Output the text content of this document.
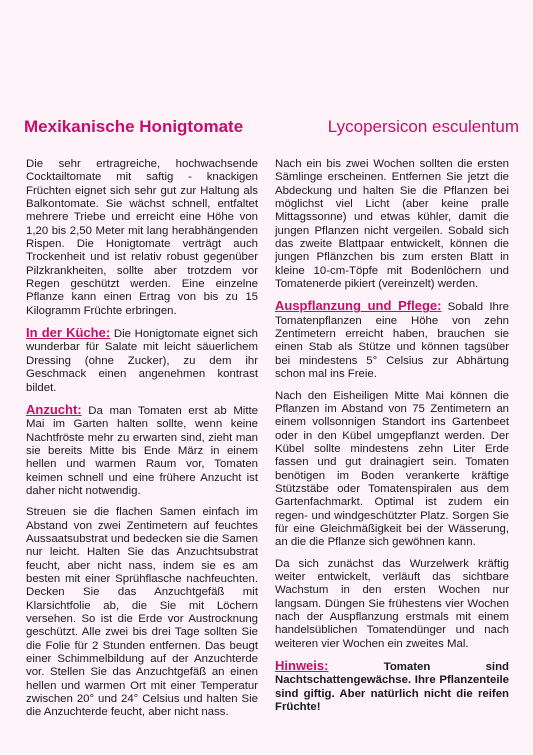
Mexikanische Honigtomate	Lycopersicon esculentum

Die sehr ertragreiche, hochwachsende Cocktailtomate mit saftig - knackigen Früchten eignet sich sehr gut zur Haltung als Balkontomate. Sie wächst schnell, entfaltet mehrere Triebe und erreicht eine Höhe von 1,20 bis 2,50 Meter mit lang herabhängenden Rispen. Die Honigtomate verträgt auch Trockenheit und ist relativ robust gegenüber Pilzkrankheiten, sollte aber trotzdem vor Regen geschützt werden. Eine einzelne Pflanze kann einen Ertrag von bis zu 15 Kilogramm Früchte erbringen.

In der Küche: Die Honigtomate eignet sich wunderbar für Salate mit leicht säuerlichem Dressing (ohne Zucker), zu dem ihr Geschmack einen angenehmen kontrast bildet.

Anzucht: Da man Tomaten erst ab Mitte Mai im Garten halten sollte, wenn keine Nachtfröste mehr zu erwarten sind, zieht man sie bereits Mitte bis Ende März in einem hellen und warmen Raum vor, Tomaten keimen schnell und eine frühere Anzucht ist daher nicht notwendig.

Streuen sie die flachen Samen einfach im Abstand von zwei Zentimetern auf feuchtes Aussaatsubstrat und bedecken sie die Samen nur leicht. Halten Sie das Anzuchtsubstrat feucht, aber nicht nass, indem sie es am besten mit einer Sprühflasche nachfeuchten. Decken Sie das Anzuchtgefäß mit Klarsichtfolie ab, die Sie mit Löchern versehen. So ist die Erde vor Austrocknung geschützt. Alle zwei bis drei Tage sollten Sie die Folie für 2 Stunden entfernen. Das beugt einer Schimmelbildung auf der Anzuchterde vor. Stellen Sie das Anzuchtgefäß an einen hellen und warmen Ort mit einer Temperatur zwischen 20° und 24° Celsius und halten Sie die Anzuchterde feucht, aber nicht nass.

Nach ein bis zwei Wochen sollten die ersten Sämlinge erscheinen. Entfernen Sie jetzt die Abdeckung und halten Sie die Pflanzen bei möglichst viel Licht (aber keine pralle Mittagssonne) und etwas kühler, damit die jungen Pflanzen nicht vergeilen. Sobald sich das zweite Blattpaar entwickelt, können die jungen Pflänzchen bis zum ersten Blatt in kleine 10-cm-Töpfe mit Bodenlöchern und Tomatenerde pikiert (vereinzelt) werden.

Auspflanzung und Pflege: Sobald Ihre Tomatenpflanzen eine Höhe von zehn Zentimetern erreicht haben, brauchen sie einen Stab als Stütze und können tagsüber bei mindestens 5° Celsius zur Abhärtung schon mal ins Freie.

Nach den Eisheiligen Mitte Mai können die Pflanzen im Abstand von 75 Zentimetern an einem vollsonnigen Standort ins Gartenbeet oder in den Kübel umgepflanzt werden. Der Kübel sollte mindestens zehn Liter Erde fassen und gut drainagiert sein. Tomaten benötigen im Boden verankerte kräftige Stützstäbe oder Tomatenspiralen aus dem Gartenfachmarkt. Optimal ist zudem ein regen- und windgeschützter Platz. Sorgen Sie für eine Gleichmäßigkeit bei der Wässerung, an die die Pflanze sich gewöhnen kann.

Da sich zunächst das Wurzelwerk kräftig weiter entwickelt, verläuft das sichtbare Wachstum in den ersten Wochen nur langsam. Düngen Sie frühestens vier Wochen nach der Auspflanzung erstmals mit einem handelsüblichen Tomatendünger und nach weiteren vier Wochen ein zweites Mal.

Hinweis: Tomaten sind Nachtschattengewächse. Ihre Pflanzenteile sind giftig. Aber natürlich nicht die reifen Früchte!
